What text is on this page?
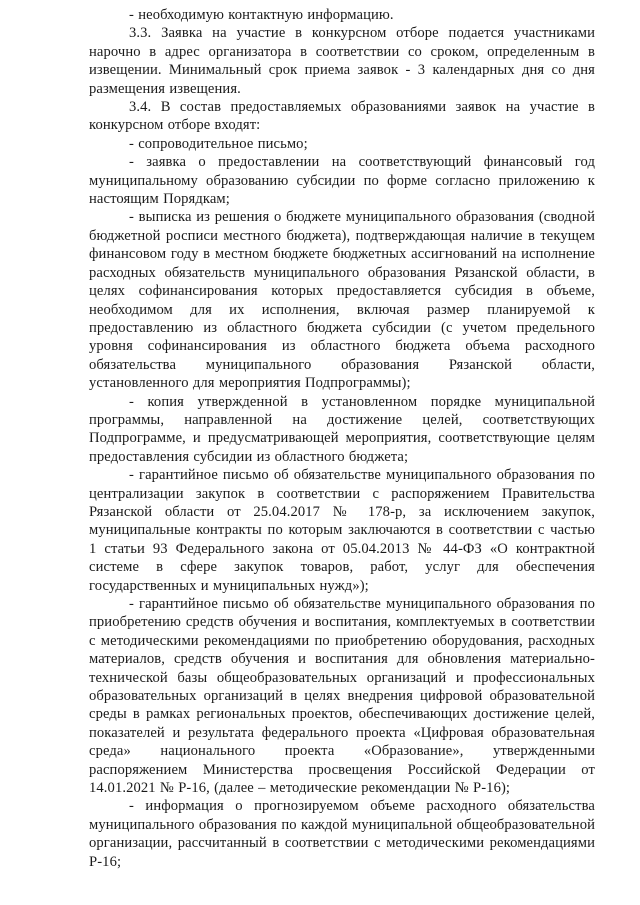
- необходимую контактную информацию.

3.3. Заявка на участие в конкурсном отборе подается участниками нарочно в адрес организатора в соответствии со сроком, определенным в извещении. Минимальный срок приема заявок - 3 календарных дня со дня размещения извещения.

3.4. В состав предоставляемых образованиями заявок на участие в конкурсном отборе входят:

- сопроводительное письмо;

- заявка о предоставлении на соответствующий финансовый год муниципальному образованию субсидии по форме согласно приложению к настоящим Порядкам;

- выписка из решения о бюджете муниципального образования (сводной бюджетной росписи местного бюджета), подтверждающая наличие в текущем финансовом году в местном бюджете бюджетных ассигнований на исполнение расходных обязательств муниципального образования Рязанской области, в целях софинансирования которых предоставляется субсидия в объеме, необходимом для их исполнения, включая размер планируемой к предоставлению из областного бюджета субсидии (с учетом предельного уровня софинансирования из областного бюджета объема расходного обязательства муниципального образования Рязанской области, установленного для мероприятия Подпрограммы);

- копия утвержденной в установленном порядке муниципальной программы, направленной на достижение целей, соответствующих Подпрограмме, и предусматривающей мероприятия, соответствующие целям предоставления субсидии из областного бюджета;

- гарантийное письмо об обязательстве муниципального образования по централизации закупок в соответствии с распоряжением Правительства Рязанской области от 25.04.2017 № 178-р, за исключением закупок, муниципальные контракты по которым заключаются в соответствии с частью 1 статьи 93 Федерального закона от 05.04.2013 № 44-ФЗ «О контрактной системе в сфере закупок товаров, работ, услуг для обеспечения государственных и муниципальных нужд»);

- гарантийное письмо об обязательстве муниципального образования по приобретению средств обучения и воспитания, комплектуемых в соответствии с методическими рекомендациями по приобретению оборудования, расходных материалов, средств обучения и воспитания для обновления материально-технической базы общеобразовательных организаций и профессиональных образовательных организаций в целях внедрения цифровой образовательной среды в рамках региональных проектов, обеспечивающих достижение целей, показателей и результата федерального проекта «Цифровая образовательная среда» национального проекта «Образование», утвержденными распоряжением Министерства просвещения Российской Федерации от 14.01.2021 № Р-16, (далее – методические рекомендации № Р-16);

- информация о прогнозируемом объеме расходного обязательства муниципального образования по каждой муниципальной общеобразовательной организации, рассчитанный в соответствии с методическими рекомендациями Р-16;
